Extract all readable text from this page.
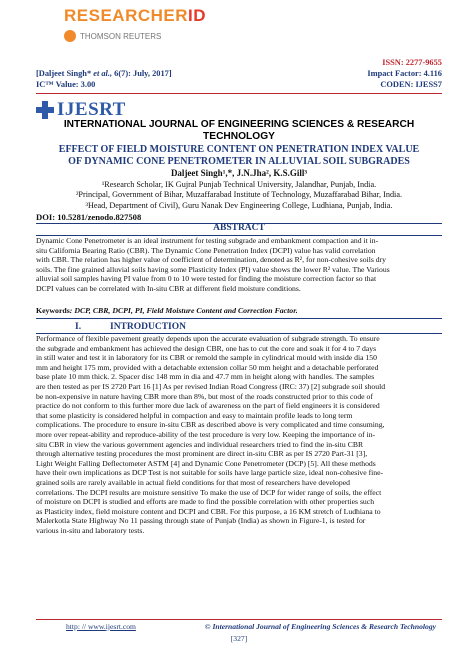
RESEARCHERID
THOMSON REUTERS
ISSN: 2277-9655
[Daljeet Singh* et al., 6(7): July, 2017]	Impact Factor: 4.116
IC™ Value: 3.00	CODEN: IJESS7
IJESRT
INTERNATIONAL JOURNAL OF ENGINEERING SCIENCES & RESEARCH
TECHNOLOGY
EFFECT OF FIELD MOISTURE CONTENT ON PENETRATION INDEX VALUE
OF DYNAMIC CONE PENETROMETER IN ALLUVIAL SOIL SUBGRADES
Daljeet Singh¹,*, J.N.Jha², K.S.Gill³
¹Research Scholar, IK Gujral Punjab Technical University, Jalandhar, Punjab, India.
²Principal, Government of Bihar, Muzaffarabad Institute of Technology, Muzaffarabad Bihar, India.
³Head, Department of Civil), Guru Nanak Dev Engineering College, Ludhiana, Punjab, India.
DOI: 10.5281/zenodo.827508
ABSTRACT
Dynamic Cone Penetrometer is an ideal instrument for testing subgrade and embankment compaction and it in-
situ California Bearing Ratio (CBR). The Dynamic Cone Penetration Index (DCPI) value has valid correlation
with CBR. The relation has higher value of coefficient of determination, denoted as R², for non-cohesive soils dry
soils. The fine grained alluvial soils having some Plasticity Index (PI) value shows the lower R² value. The Various
alluvial soil samples having PI value from 0 to 10 were tested for finding the moisture correction factor so that
DCPI values can be correlated with In-situ CBR at different field moisture conditions.
Keywords: DCP, CBR, DCPI, PI, Field Moisture Content and Correction Factor.
I.	INTRODUCTION
Performance of flexible pavement greatly depends upon the accurate evaluation of subgrade strength. To ensure
the subgrade and embankment has achieved the design CBR, one has to cut the core and soak it for 4 to 7 days
in still water and test it in laboratory for its CBR or remold the sample in cylindrical mould with inside dia 150
mm and height 175 mm, provided with a detachable extension collar 50 mm height and a detachable perforated
base plate 10 mm thick. 2. Spacer disc 148 mm in dia and 47.7 mm in height along with handles. The samples
are then tested as per IS 2720 Part 16 [1] As per revised Indian Road Congress (IRC: 37) [2] subgrade soil should
be non-expensive in nature having CBR more than 8%, but most of the roads constructed prior to this code of
practice do not conform to this further more due lack of awareness on the part of field engineers it is considered
that some plasticity is considered helpful in compaction and easy to maintain profile leads to long term
complications. The procedure to ensure in-situ CBR as described above is very complicated and time consuming,
more over repeat-ability and reproduce-ability of the test procedure is very low. Keeping the importance of in-
situ CBR in view the various government agencies and individual researchers tried to find the in-situ CBR
through alternative testing procedures the most prominent are direct in-situ CBR as per IS 2720 Part-31 [3],
Light Weight Falling Deflectometer ASTM [4] and Dynamic Cone Penetrometer (DCP) [5]. All these methods
have their own implications as DCP Test is not suitable for soils have large particle size, ideal non-cohesive fine-
grained soils are rarely available in actual field conditions for that most of researchers have developed
correlations. The DCPI results are moisture sensitive To make the use of DCP for wider range of soils, the effect
of moisture on DCPI is studied and efforts are made to find the possible correlation with other properties such
as Plasticity index, field moisture content and DCPI and CBR. For this purpose, a 16 KM stretch of Ludhiana to
Malerkotla State Highway No 11 passing through state of Punjab (India) as shown in Figure-1, is tested for
various in-situ and laboratory tests.
http: // www.ijesrt.com	© International Journal of Engineering Sciences & Research Technology
[327]
